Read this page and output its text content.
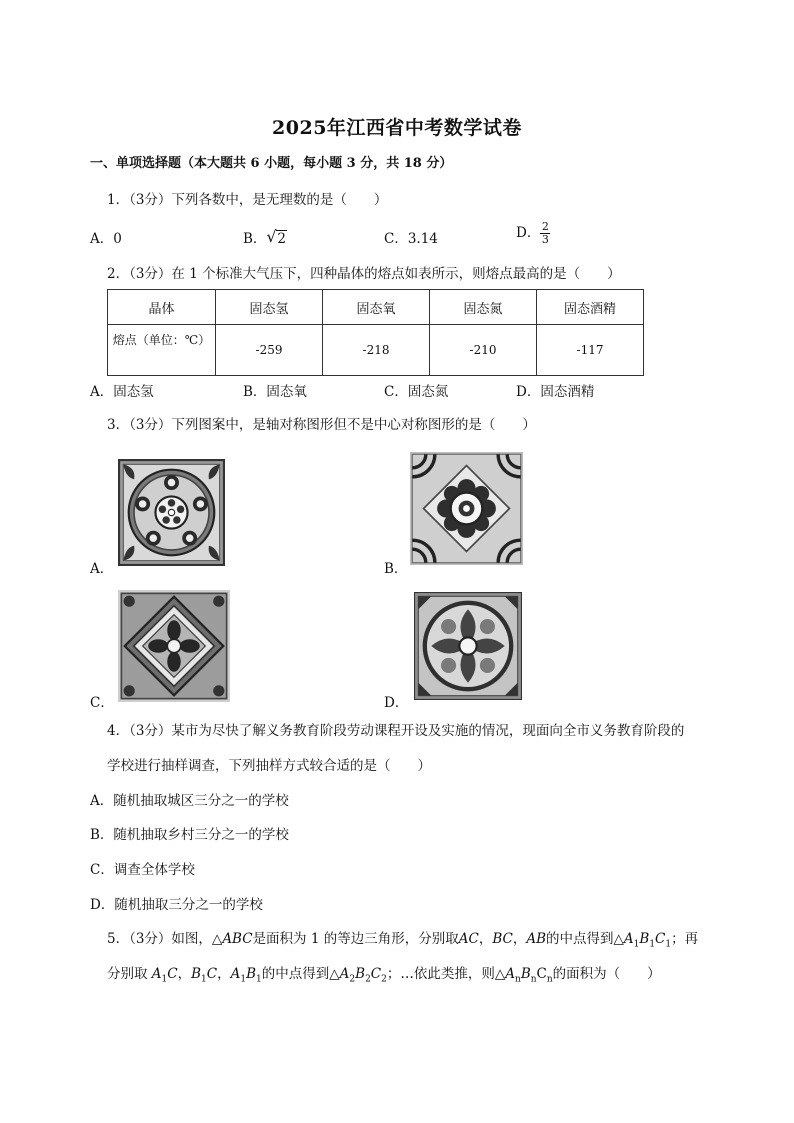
2025年江西省中考数学试卷
一、单项选择题（本大题共 6 小题，每小题 3 分，共 18 分）
1．（3分）下列各数中，是无理数的是（　　）
A．0	B． √ 2	C．3.14	D． $\frac{2}{3}$
2．（3分）在 1 个标准大气压下，四种晶体的熔点如表所示，则熔点最高的是（　　）
晶体	固态氢	固态氧	固态氮	固态酒精
熔点（单位：℃）	-259	-218	-210	-117
A．固态氢	B．固态氧	C．固态氮	D．固态酒精
3．（3分）下列图案中，是轴对称图形但不是中心对称图形的是（　　）
A．	B．
C．	D．
4．（3分）某市为尽快了解义务教育阶段劳动课程开设及实施的情况，现面向全市义务教育阶段的
学校进行抽样调查，下列抽样方式较合适的是（　　）
A．随机抽取城区三分之一的学校
B．随机抽取乡村三分之一的学校
C．调查全体学校
D．随机抽取三分之一的学校
5．（3分）如图，△ABC是面积为 1 的等边三角形，分别取AC，BC，AB的中点得到$\triangle A_1B_1C_1$；再
分别取 $A_1C$，$B_1C$，$A_1B_1$的中点得到$\triangle A_2B_2C_2$；…依此类推，则$\triangle A_nB_nC_n$的面积为（　　）
